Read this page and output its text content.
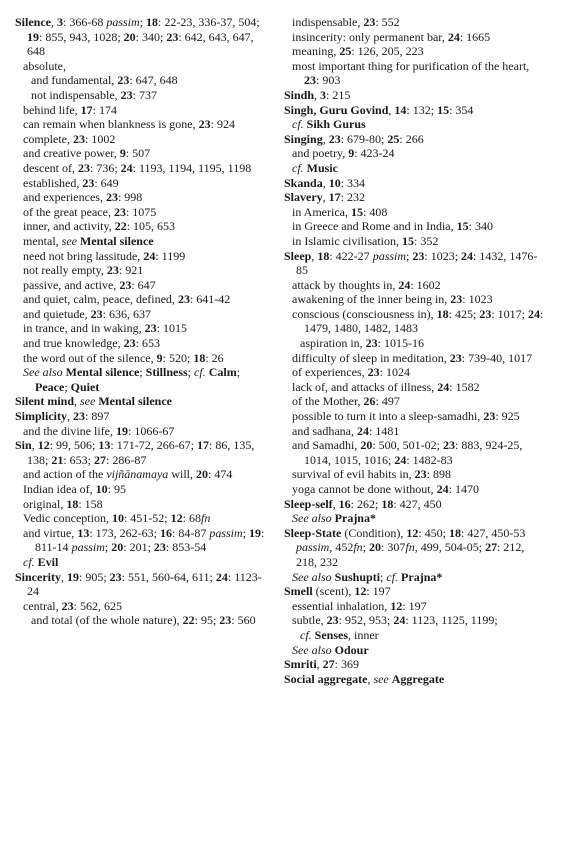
Silence, 3: 366-68 passim; 18: 22-23, 336-37, 504; 19: 855, 943, 1028; 20: 340; 23: 642, 643, 647, 648
absolute,
and fundamental, 23: 647, 648
not indispensable, 23: 737
behind life, 17: 174
can remain when blankness is gone, 23: 924
complete, 23: 1002
and creative power, 9: 507
descent of, 23: 736; 24: 1193, 1194, 1195, 1198
established, 23: 649
and experiences, 23: 998
of the great peace, 23: 1075
inner, and activity, 22: 105, 653
mental, see Mental silence
need not bring lassitude, 24: 1199
not really empty, 23: 921
passive, and active, 23: 647
and quiet, calm, peace, defined, 23: 641-42
and quietude, 23: 636, 637
in trance, and in waking, 23: 1015
and true knowledge, 23: 653
the word out of the silence, 9: 520; 18: 26
See also Mental silence; Stillness; cf. Calm; Peace; Quiet
Silent mind, see Mental silence
Simplicity, 23: 897
and the divine life, 19: 1066-67
Sin, 12: 99, 506; 13: 171-72, 266-67; 17: 86, 135, 138; 21: 653; 27: 286-87
and action of the vijñānamaya will, 20: 474
Indian idea of, 10: 95
original, 18: 158
Vedic conception, 10: 451-52; 12: 68fn
and virtue, 13: 173, 262-63; 16: 84-87 passim; 19: 811-14 passim; 20: 201; 23: 853-54
cf. Evil
Sincerity, 19: 905; 23: 551, 560-64, 611; 24: 1123-24
central, 23: 562, 625
and total (of the whole nature), 22: 95; 23: 560
indispensable, 23: 552
insincerity: only permanent bar, 24: 1665
meaning, 25: 126, 205, 223
most important thing for purification of the heart, 23: 903
Sindh, 3: 215
Singh, Guru Govind, 14: 132; 15: 354
cf. Sikh Gurus
Singing, 23: 679-80; 25: 266
and poetry, 9: 423-24
cf. Music
Skanda, 10: 334
Slavery, 17: 232
in America, 15: 408
in Greece and Rome and in India, 15: 340
in Islamic civilisation, 15: 352
Sleep, 18: 422-27 passim; 23: 1023; 24: 1432, 1476-85
attack by thoughts in, 24: 1602
awakening of the inner being in, 23: 1023
conscious (consciousness in), 18: 425; 23: 1017; 24: 1479, 1480, 1482, 1483
aspiration in, 23: 1015-16
difficulty of sleep in meditation, 23: 739-40, 1017
of experiences, 23: 1024
lack of, and attacks of illness, 24: 1582
of the Mother, 26: 497
possible to turn it into a sleep-samadhi, 23: 925
and sadhana, 24: 1481
and Samadhi, 20: 500, 501-02; 23: 883, 924-25, 1014, 1015, 1016; 24: 1482-83
survival of evil habits in, 23: 898
yoga cannot be done without, 24: 1470
Sleep-self, 16: 262; 18: 427, 450
See also Prajna*
Sleep-State (Condition), 12: 450; 18: 427, 450-53 passim, 452fn; 20: 307fn, 499, 504-05; 27: 212, 218, 232
See also Sushupti; cf. Prajna*
Smell (scent), 12: 197
essential inhalation, 12: 197
subtle, 23: 952, 953; 24: 1123, 1125, 1199;
cf. Senses, inner
See also Odour
Smriti, 27: 369
Social aggregate, see Aggregate
